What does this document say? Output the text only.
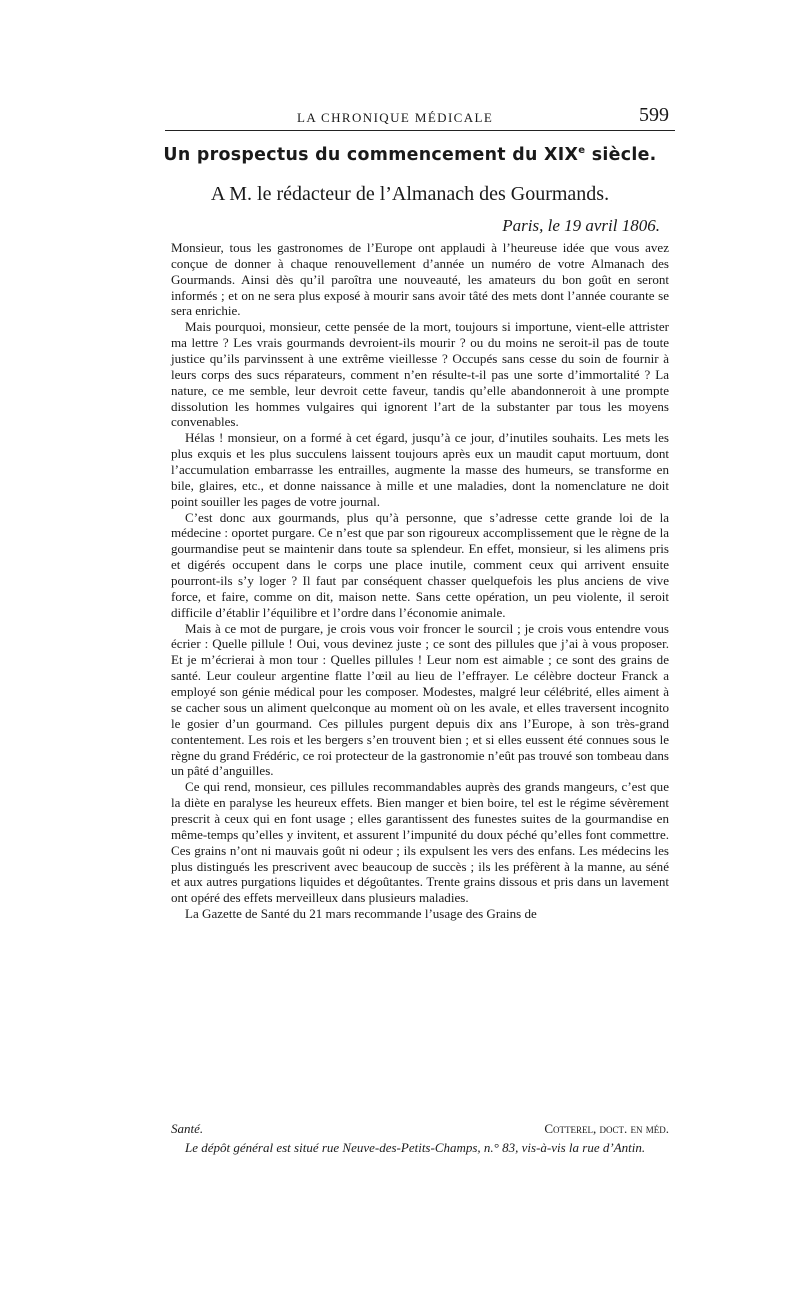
LA CHRONIQUE MÉDICALE	599
Un prospectus du commencement du XIXe siècle.
A M. le rédacteur de l’Almanach des Gourmands.
Paris, le 19 avril 1806.

Monsieur, tous les gastronomes de l’Europe ont applaudi à l’heureuse idée que vous avez conçue de donner à chaque renouvellement d’année un numéro de votre Almanach des Gourmands. Ainsi dès qu’il paroîtra une nouveauté, les amateurs du bon goût en seront informés ; et on ne sera plus exposé à mourir sans avoir tâté des mets dont l’année courante se sera enrichie.

Mais pourquoi, monsieur, cette pensée de la mort, toujours si importune, vient-elle attrister ma lettre ? Les vrais gourmands devroient-ils mourir ? ou du moins ne seroit-il pas de toute justice qu’ils parvinssent à une extrême vieillesse ? Occupés sans cesse du soin de fournir à leurs corps des sucs réparateurs, comment n’en résulte-t-il pas une sorte d’immortalité ? La nature, ce me semble, leur devroit cette faveur, tandis qu’elle abandonneroit à une prompte dissolution les hommes vulgaires qui ignorent l’art de la substanter par tous les moyens convenables.

Hélas ! monsieur, on a formé à cet égard, jusqu’à ce jour, d’inutiles souhaits. Les mets les plus exquis et les plus succulens laissent toujours après eux un maudit caput mortuum, dont l’accumulation embarrasse les entrailles, augmente la masse des humeurs, se transforme en bile, glaires, etc., et donne naissance à mille et une maladies, dont la nomenclature ne doit point souiller les pages de votre journal.

C’est donc aux gourmands, plus qu’à personne, que s’adresse cette grande loi de la médecine : oportet purgare. Ce n’est que par son rigoureux accomplissement que le règne de la gourmandise peut se maintenir dans toute sa splendeur. En effet, monsieur, si les alimens pris et digérés occupent dans le corps une place inutile, comment ceux qui arrivent ensuite pourront-ils s’y loger ? Il faut par conséquent chasser quelquefois les plus anciens de vive force, et faire, comme on dit, maison nette. Sans cette opération, un peu violente, il seroit difficile d’établir l’équilibre et l’ordre dans l’économie animale.

Mais à ce mot de purgare, je crois vous voir froncer le sourcil ; je crois vous entendre vous écrier : Quelle pillule ! Oui, vous devinez juste ; ce sont des pillules que j’ai à vous proposer. Et je m’écrierai à mon tour : Quelles pillules ! Leur nom est aimable ; ce sont des grains de santé. Leur couleur argentine flatte l’œil au lieu de l’effrayer. Le célèbre docteur Franck a employé son génie médical pour les composer. Modestes, malgré leur célébrité, elles aiment à se cacher sous un aliment quelconque au moment où on les avale, et elles traversent incognito le gosier d’un gourmand. Ces pillules purgent depuis dix ans l’Europe, à son très-grand contentement. Les rois et les bergers s’en trouvent bien ; et si elles eussent été connues sous le règne du grand Frédéric, ce roi protecteur de la gastronomie n’eût pas trouvé son tombeau dans un pâté d’anguilles.

Ce qui rend, monsieur, ces pillules recommandables auprès des grands mangeurs, c’est que la diète en paralyse les heureux effets. Bien manger et bien boire, tel est le régime sévèrement prescrit à ceux qui en font usage ; elles garantissent des funestes suites de la gourmandise en même-temps qu’elles y invitent, et assurent l’impunité du doux péché qu’elles font commettre. Ces grains n’ont ni mauvais goût ni odeur ; ils expulsent les vers des enfans. Les médecins les plus distingués les prescrivent avec beaucoup de succès ; ils les préfèrent à la manne, au séné et aux autres purgations liquides et dégoûtantes. Trente grains dissous et pris dans un lavement ont opéré des effets merveilleux dans plusieurs maladies.

La Gazette de Santé du 21 mars recommande l’usage des Grains de

Santé.	Cotterel, doct. en méd.
Le dépôt général est situé rue Neuve-des-Petits-Champs, n.° 83, vis-à-vis la rue d’Antin.
